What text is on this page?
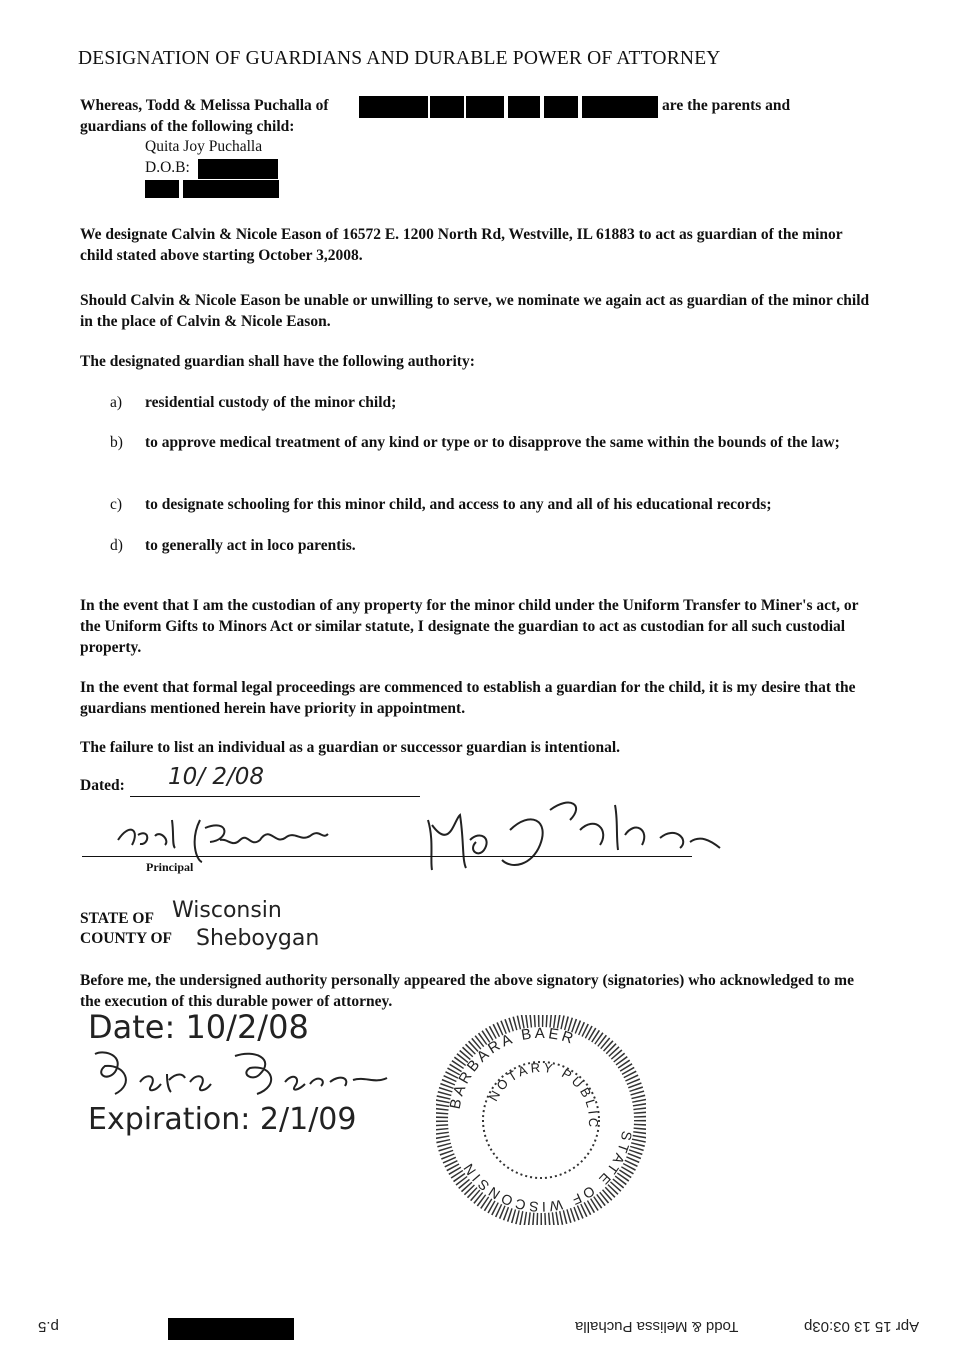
DESIGNATION OF GUARDIANS AND DURABLE POWER OF ATTORNEY
Whereas, Todd & Melissa Puchalla of	are the parents and
guardians of the following child:
Quita Joy Puchalla
D.O.B:
We designate Calvin & Nicole Eason of 16572 E. 1200 North Rd, Westville, IL 61883 to act as guardian of the minor child stated above starting October 3,2008.
Should Calvin & Nicole Eason be unable or unwilling to serve, we nominate we again act as guardian of the minor child in the place of Calvin & Nicole Eason.
The designated guardian shall have the following authority:
a) residential custody of the minor child;
b) to approve medical treatment of any kind or type or to disapprove the same within the bounds of the law;
c) to designate schooling for this minor child, and access to any and all of his educational records;
d) to generally act in loco parentis.
In the event that I am the custodian of any property for the minor child under the Uniform Transfer to Miner's act, or the Uniform Gifts to Minors Act or similar statute, I designate the guardian to act as custodian for all such custodial property.
In the event that formal legal proceedings are commenced to establish a guardian for the child, it is my desire that the guardians mentioned herein have priority in appointment.
The failure to list an individual as a guardian or successor guardian is intentional.
Dated: 10/ 2/08
Principal
STATE OF Wisconsin
COUNTY OF Sheboygan
Before me, the undersigned authority personally appeared the above signatory (signatories) who acknowledged to me the execution of this durable power of attorney.
Date: 10/2/08
Expiration: 2/1/09	BARBARA BAER
NOTARY PUBLIC
STATE OF WISCONSIN
p.5	Todd & Melissa Puchalla	Apr 15 13 03:03p
